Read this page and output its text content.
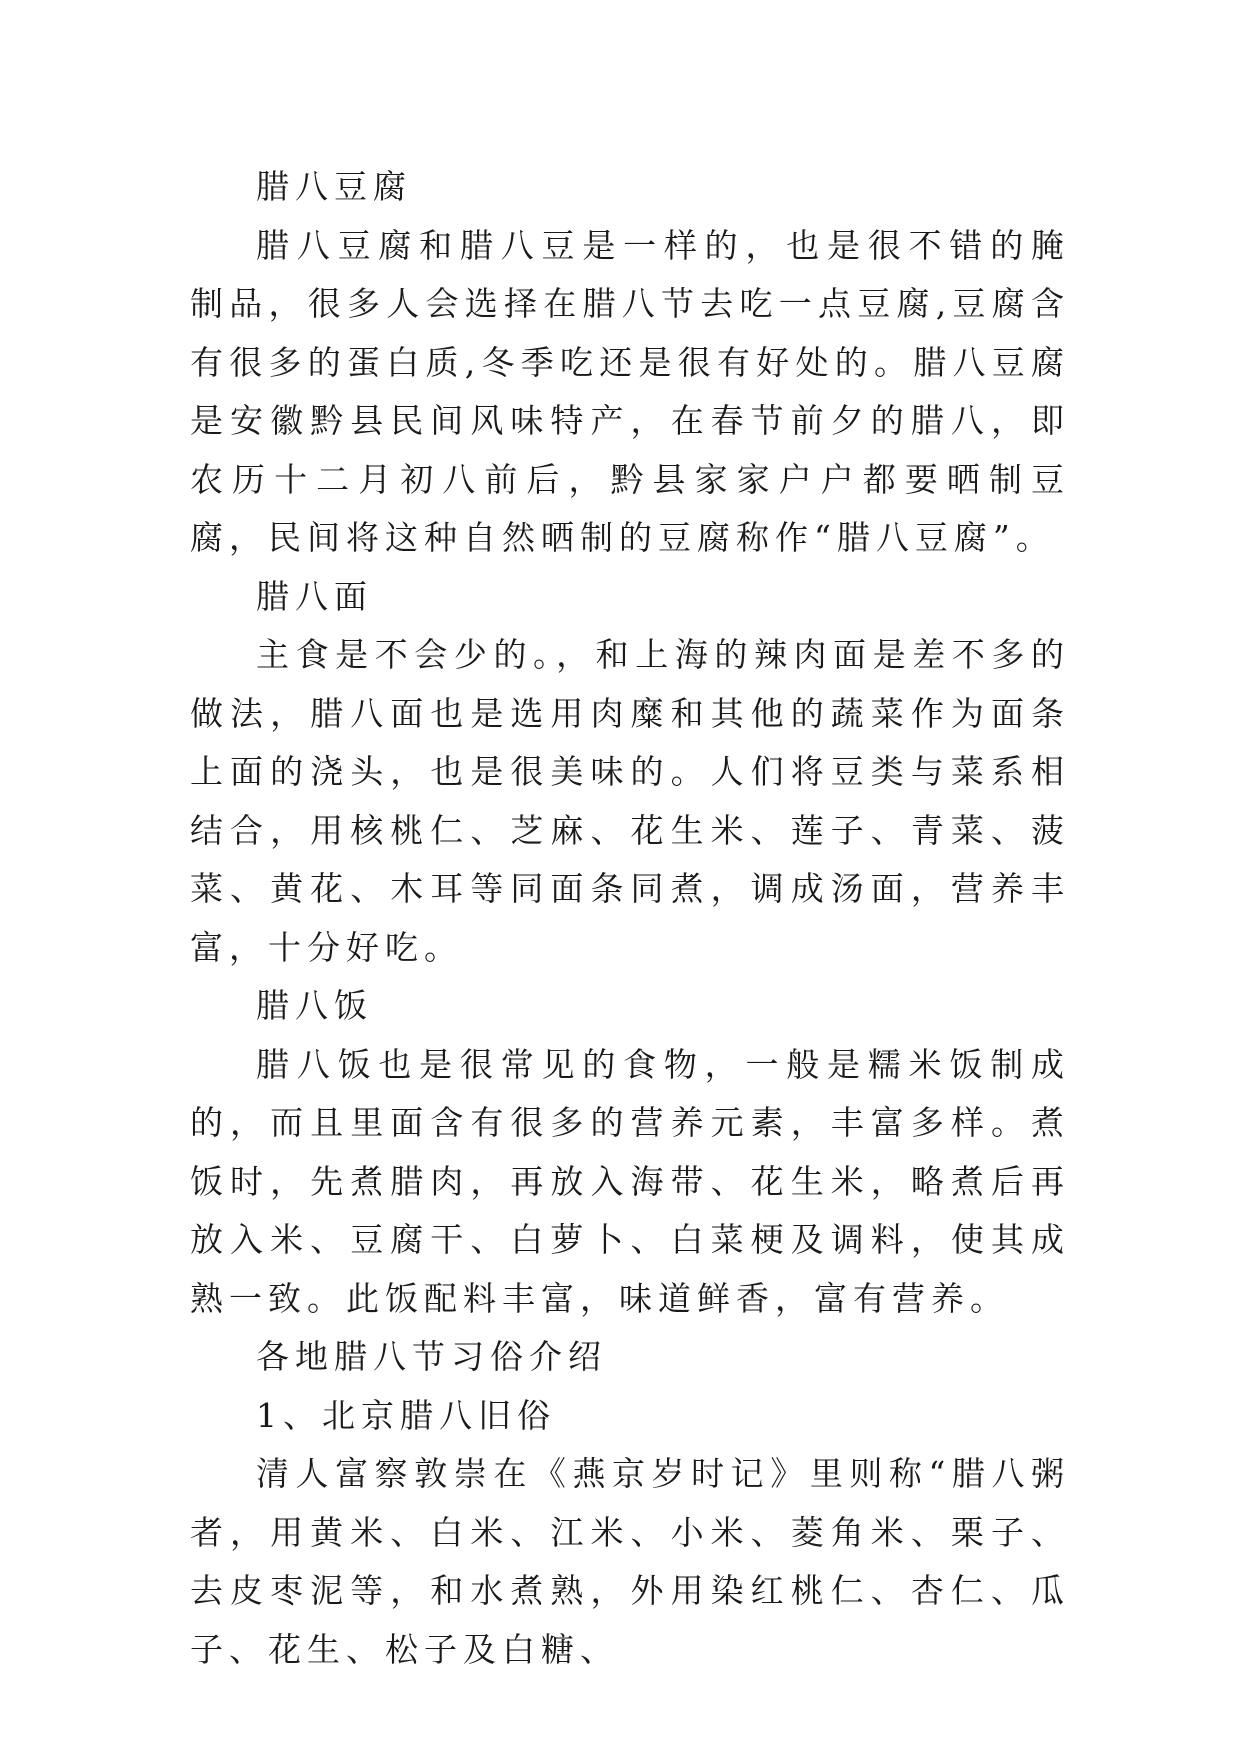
腊八豆腐

腊八豆腐和腊八豆是一样的，也是很不错的腌制品，很多人会选择在腊八节去吃一点豆腐,豆腐含有很多的蛋白质,冬季吃还是很有好处的。腊八豆腐是安徽黔县民间风味特产，在春节前夕的腊八，即农历十二月初八前后，黔县家家户户都要晒制豆腐，民间将这种自然晒制的豆腐称作“腊八豆腐”。

腊八面

主食是不会少的。，和上海的辣肉面是差不多的做法，腊八面也是选用肉糜和其他的蔬菜作为面条上面的浇头，也是很美味的。人们将豆类与菜系相结合，用核桃仁、芝麻、花生米、莲子、青菜、菠菜、黄花、木耳等同面条同煮，调成汤面，营养丰富，十分好吃。

腊八饭

腊八饭也是很常见的食物，一般是糯米饭制成的，而且里面含有很多的营养元素，丰富多样。煮饭时，先煮腊肉，再放入海带、花生米，略煮后再放入米、豆腐干、白萝卜、白菜梗及调料，使其成熟一致。此饭配料丰富，味道鲜香，富有营养。

各地腊八节习俗介绍

1、北京腊八旧俗

清人富察敦崇在《燕京岁时记》里则称“腊八粥者，用黄米、白米、江米、小米、菱角米、栗子、去皮枣泥等，和水煮熟，外用染红桃仁、杏仁、瓜子、花生、松子及白糖、
